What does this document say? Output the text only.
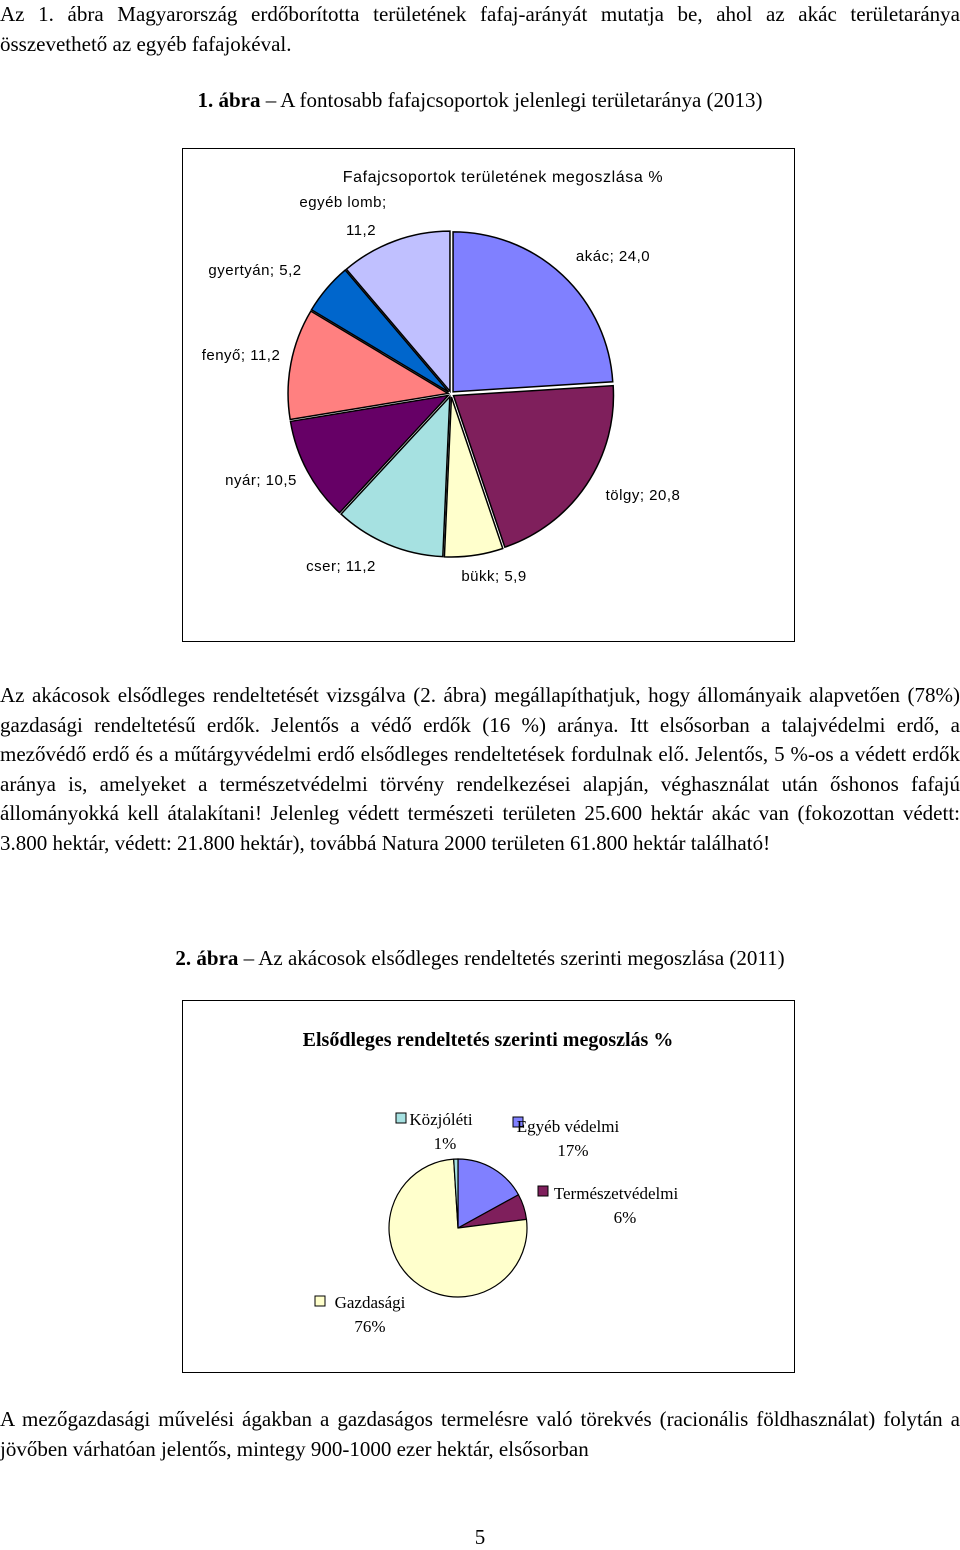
Az 1. ábra Magyarország erdőborította területének fafaj-arányát mutatja be, ahol az akác területaránya összevethető az egyéb fafajokéval.
1. ábra – A fontosabb fafajcsoportok jelenlegi területaránya (2013)
Fafajcsoportok területének megoszlása %
akác; 24,0
tölgy; 20,8
bükk; 5,9
cser; 11,2
nyár; 10,5
fenyő; 11,2
gyertyán; 5,2
egyéb lomb; 11,2
Az akácosok elsődleges rendeltetését vizsgálva (2. ábra) megállapíthatjuk, hogy állományaik alapvetően (78%) gazdasági rendeltetésű erdők. Jelentős a védő erdők (16 %) aránya. Itt elsősorban a talajvédelmi erdő, a mezővédő erdő és a műtárgyvédelmi erdő elsődleges rendeltetések fordulnak elő. Jelentős, 5 %-os a védett erdők aránya is, amelyeket a természetvédelmi törvény rendelkezései alapján, véghasználat után őshonos fafajú állományokká kell átalakítani! Jelenleg védett természeti területen 25.600 hektár akác van (fokozottan védett: 3.800 hektár, védett: 21.800 hektár), továbbá Natura 2000 területen 61.800 hektár található!
2. ábra – Az akácosok elsődleges rendeltetés szerinti megoszlása (2011)
Elsődleges rendeltetés szerinti megoszlás %
Egyéb védelmi 17%
Természetvédelmi 6%
Gazdasági 76%
Közjóléti 1%
A mezőgazdasági művelési ágakban a gazdaságos termelésre való törekvés (racionális földhasználat) folytán a jövőben várhatóan jelentős, mintegy 900-1000 ezer hektár, elsősorban
5
